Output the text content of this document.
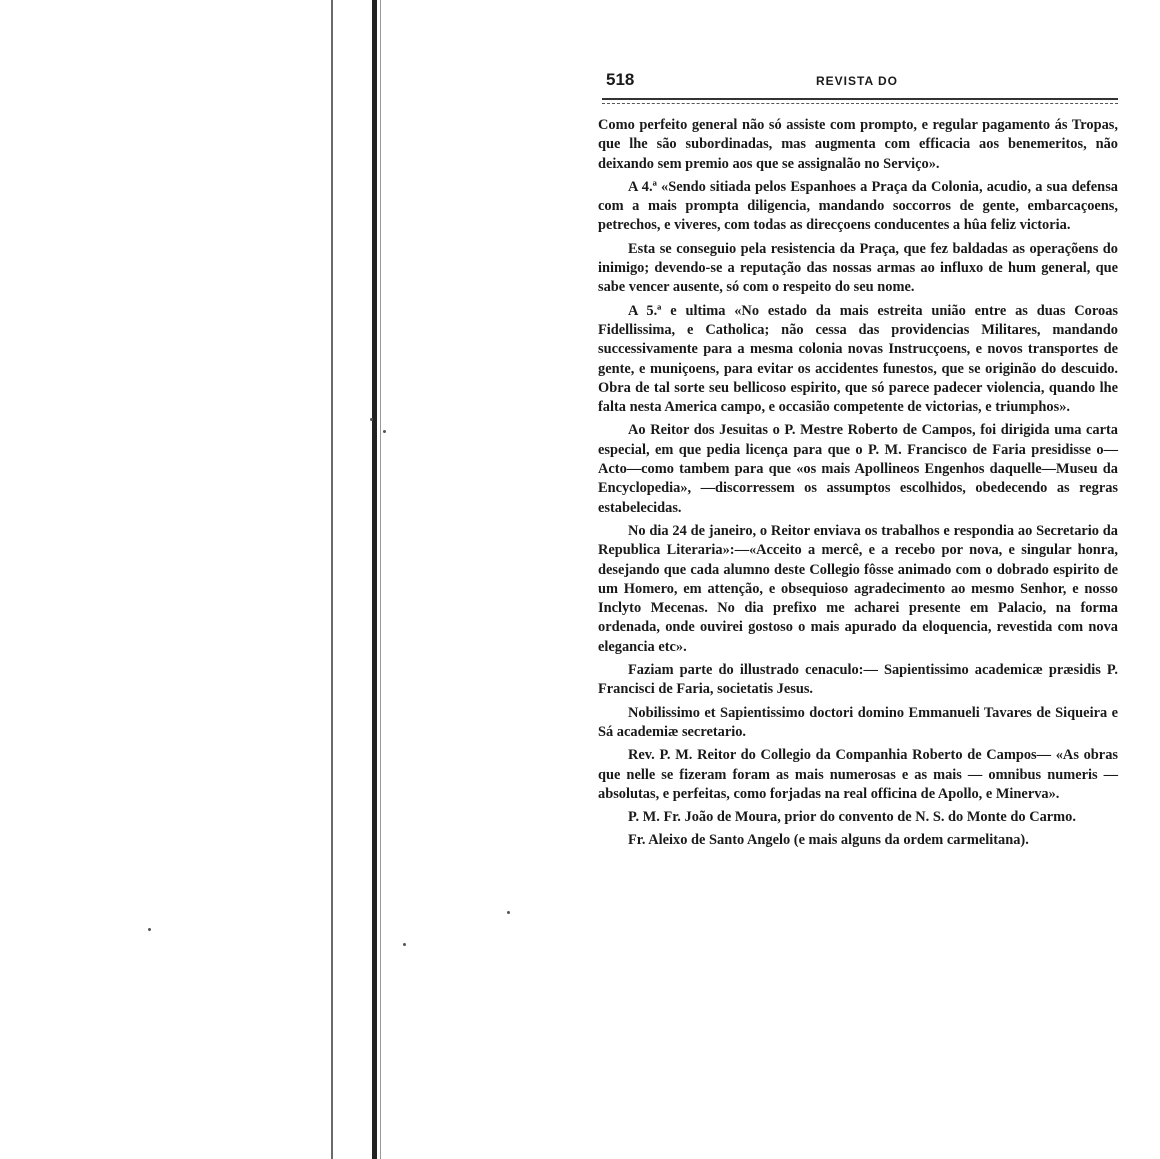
518	REVISTA DO

Como perfeito general não só assiste com prompto, e regular pagamento ás Tropas, que lhe são subordinadas, mas augmenta com efficacia aos benemeritos, não deixando sem premio aos que se assignalão no Serviço».

A 4.ª «Sendo sitiada pelos Espanhoes a Praça da Colonia, acudio, a sua defensa com a mais prompta diligencia, mandando soccorros de gente, embarcaçoens, petrechos, e viveres, com todas as direcçoens conducentes a hûa feliz victoria.

Esta se conseguio pela resistencia da Praça, que fez baldadas as operaçõens do inimigo; devendo-se a reputação das nossas armas ao influxo de hum general, que sabe vencer ausente, só com o respeito do seu nome.

A 5.ª e ultima «No estado da mais estreita união entre as duas Coroas Fidellissima, e Catholica; não cessa das providencias Militares, mandando successivamente para a mesma colonia novas Instrucçoens, e novos transportes de gente, e muniçoens, para evitar os accidentes funestos, que se originão do descuido. Obra de tal sorte seu bellicoso espirito, que só parece padecer violencia, quando lhe falta nesta America campo, e occasião competente de victorias, e triumphos».

Ao Reitor dos Jesuitas o P. Mestre Roberto de Campos, foi dirigida uma carta especial, em que pedia licença para que o P. M. Francisco de Faria presidisse o—Acto—como tambem para que «os mais Apollineos Engenhos daquelle—Museu da Encyclopedia», —discorressem os assumptos escolhidos, obedecendo as regras estabelecidas.

No dia 24 de janeiro, o Reitor enviava os trabalhos e respondia ao Secretario da Republica Literaria»:—«Acceito a mercê, e a recebo por nova, e singular honra, desejando que cada alumno deste Collegio fôsse animado com o dobrado espirito de um Homero, em attenção, e obsequioso agradecimento ao mesmo Senhor, e nosso Inclyto Mecenas. No dia prefixo me acharei presente em Palacio, na forma ordenada, onde ouvirei gostoso o mais apurado da eloquencia, revestida com nova elegancia etc».

Faziam parte do illustrado cenaculo:— Sapientissimo academicæ præsidis P. Francisci de Faria, societatis Jesus.

Nobilissimo et Sapientissimo doctori domino Emmanueli Tavares de Siqueira e Sá academiæ secretario.

Rev. P. M. Reitor do Collegio da Companhia Roberto de Campos— «As obras que nelle se fizeram foram as mais numerosas e as mais — omnibus numeris —absolutas, e perfeitas, como forjadas na real officina de Apollo, e Minerva».

P. M. Fr. João de Moura, prior do convento de N. S. do Monte do Carmo.

Fr. Aleixo de Santo Angelo (e mais alguns da ordem carmelitana).
